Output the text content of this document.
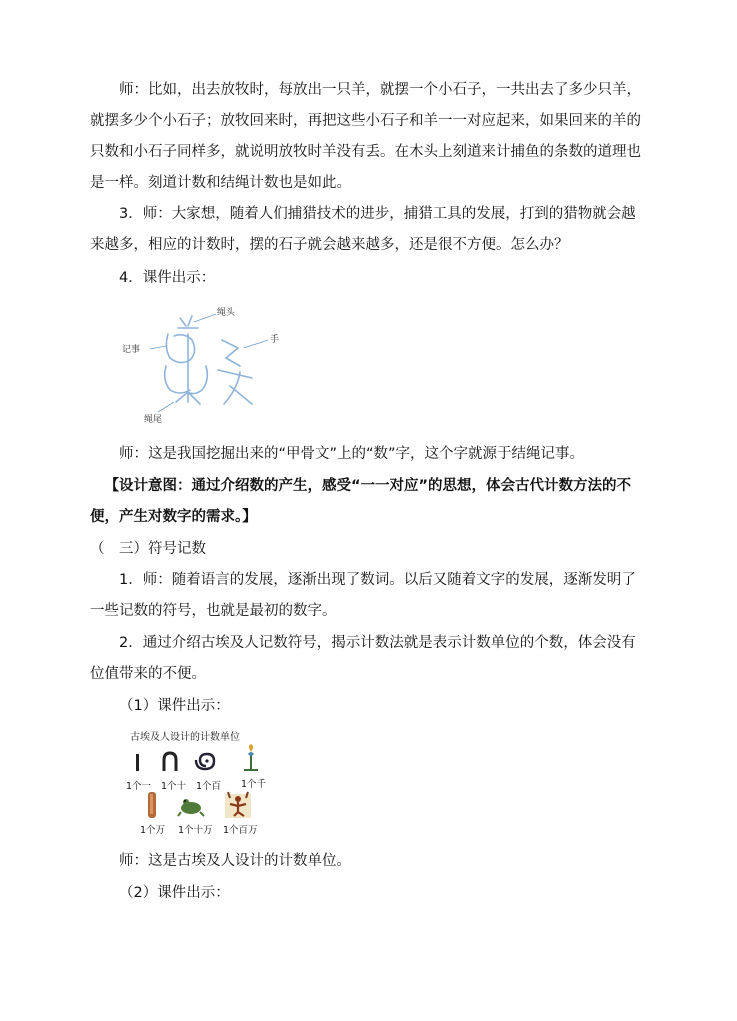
师：比如，出去放牧时，每放出一只羊，就摆一个小石子，一共出去了多少只羊，就摆多少个小石子；放牧回来时，再把这些小石子和羊一一对应起来，如果回来的羊的只数和小石子同样多，就说明放牧时羊没有丢。在木头上刻道来计捕鱼的条数的道理也是一样。刻道计数和结绳计数也是如此。

3．师：大家想，随着人们捕猎技术的进步，捕猎工具的发展，打到的猎物就会越来越多，相应的计数时，摆的石子就会越来越多，还是很不方便。怎么办？

4．课件出示：

绳头
记事
手
绳尾

师：这是我国挖掘出来的“甲骨文”上的“数”字，这个字就源于结绳记事。

【设计意图：通过介绍数的产生，感受“一一对应”的思想，体会古代计数方法的不便，产生对数字的需求。】

（　三）符号记数

1．师：随着语言的发展，逐渐出现了数词。以后又随着文字的发展，逐渐发明了一些记数的符号，也就是最初的数字。

2．通过介绍古埃及人记数符号，揭示计数法就是表示计数单位的个数，体会没有位值带来的不便。

（1）课件出示：

古埃及人设计的计数单位
1个一 1个十 1个百 1个千
1个万 1个十万 1个百万

师：这是古埃及人设计的计数单位。

（2）课件出示：
